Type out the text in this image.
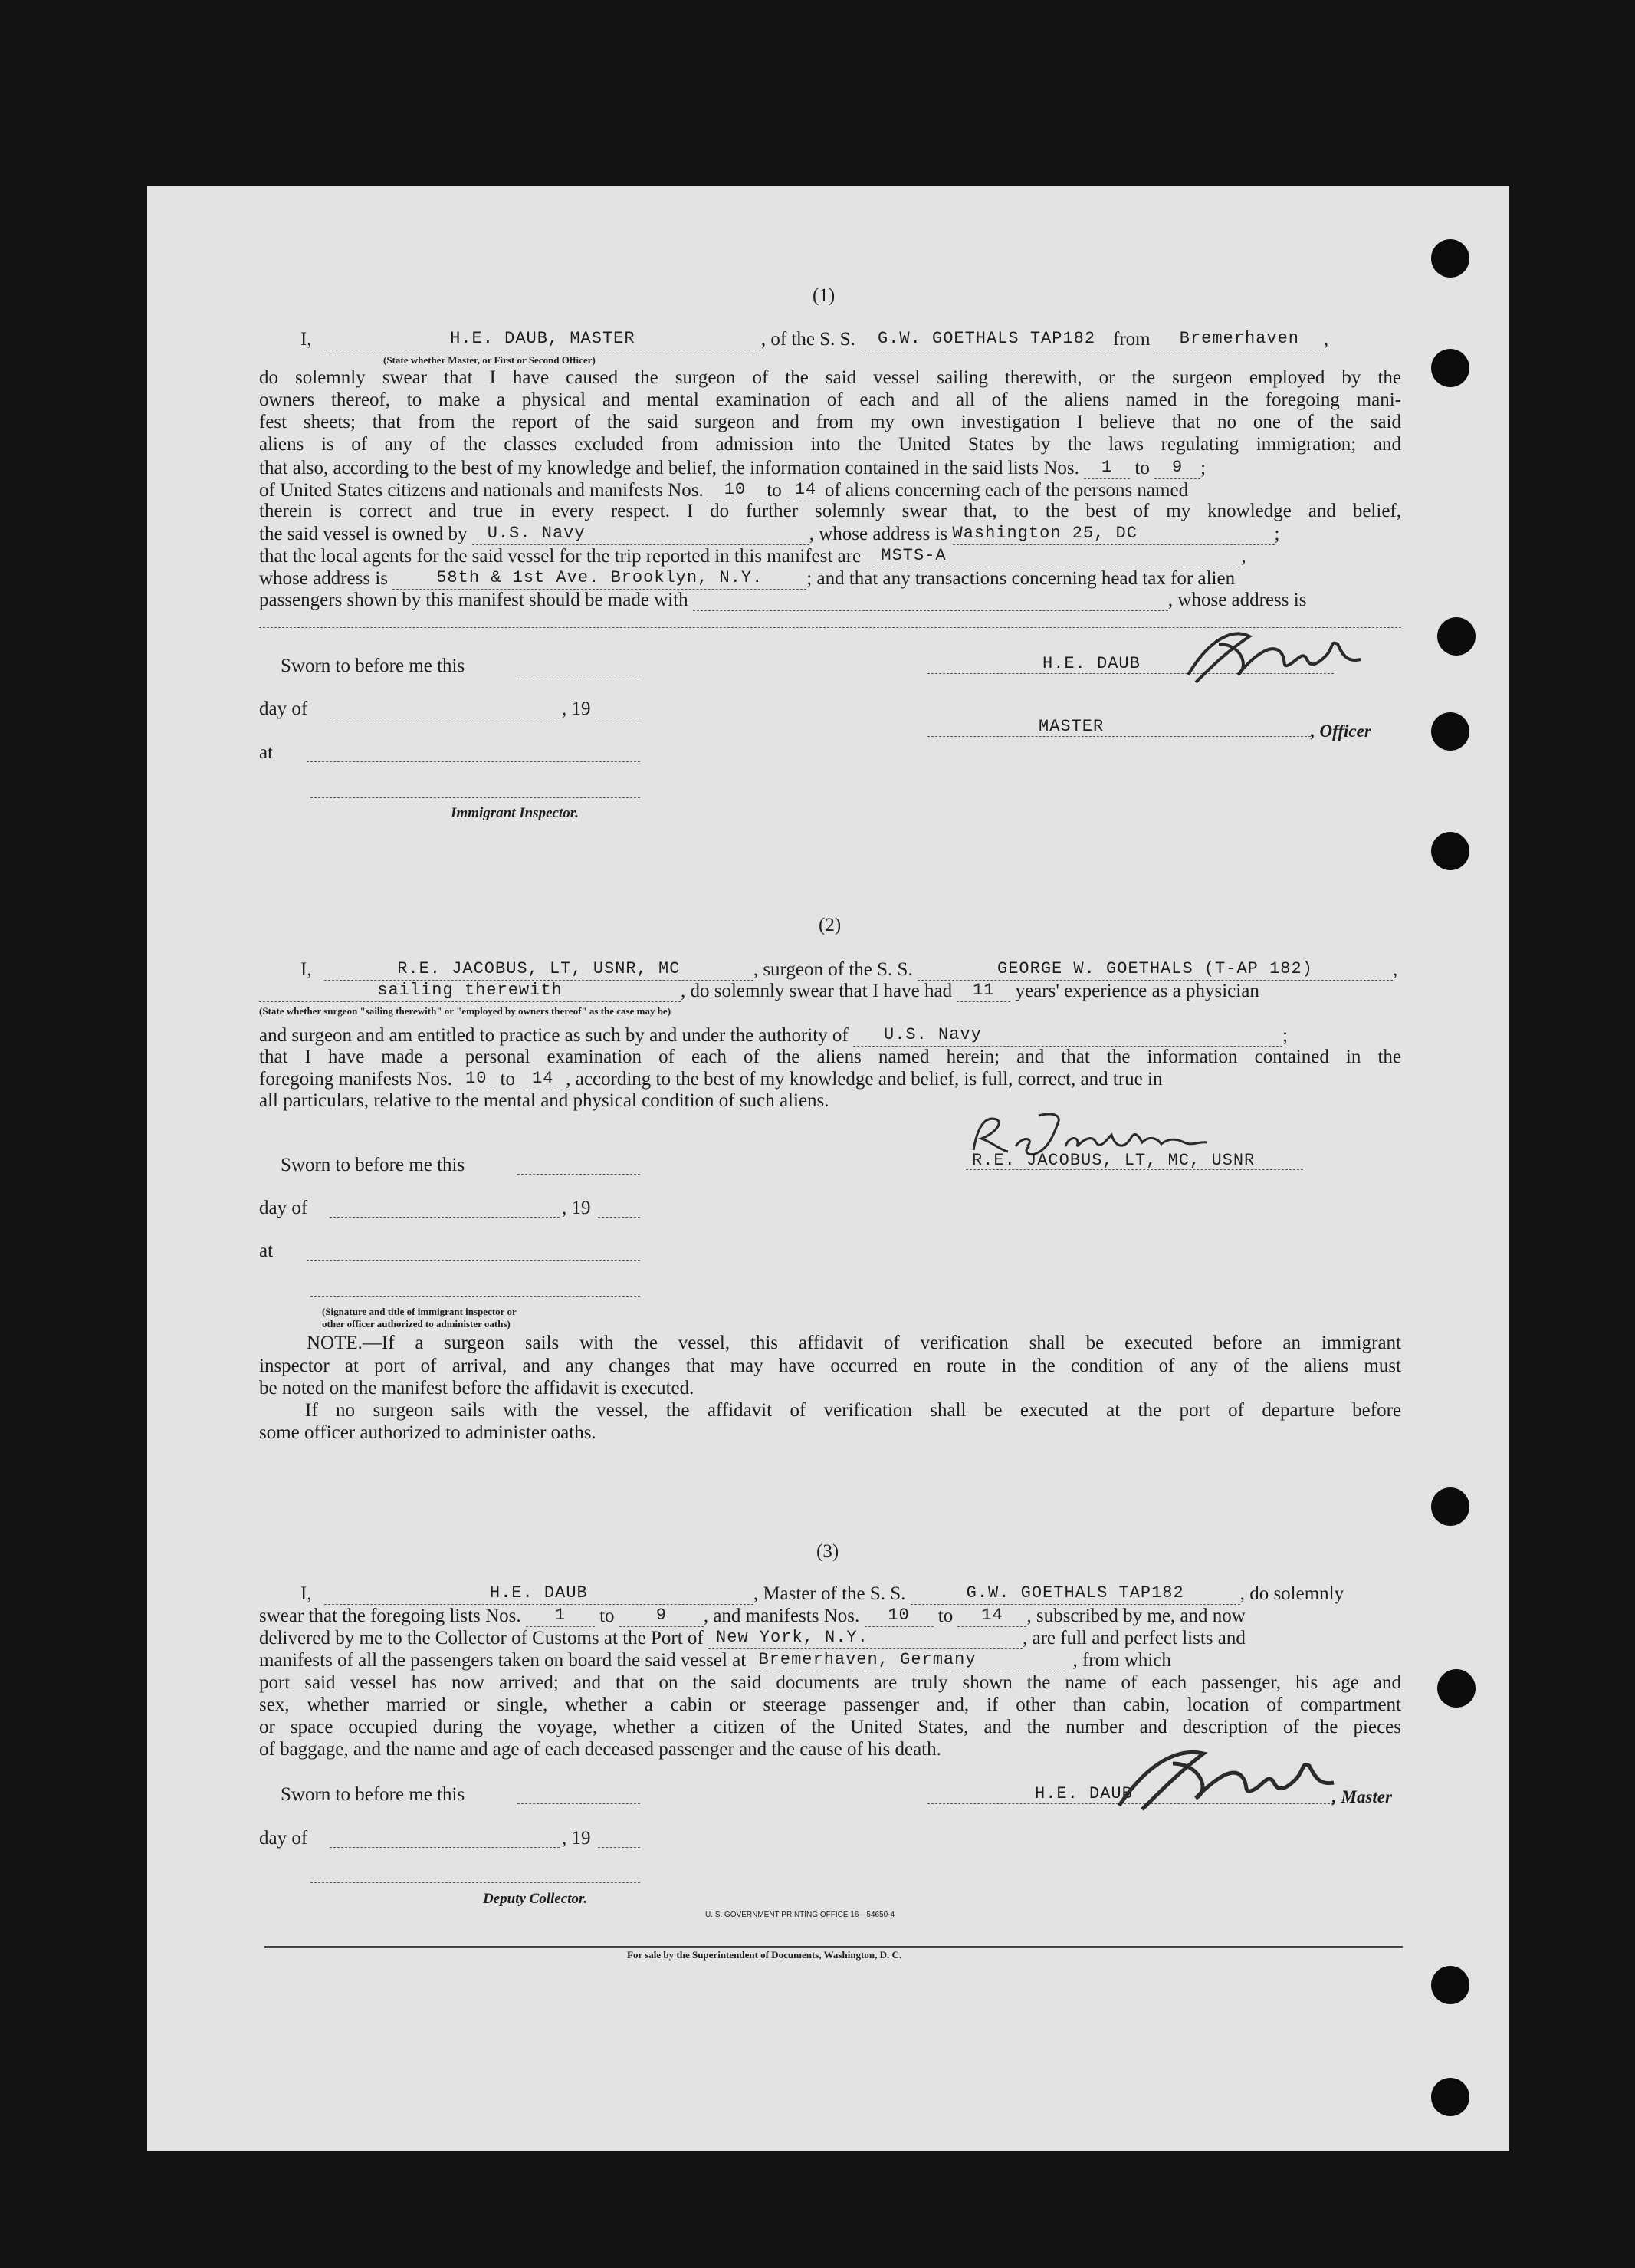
(1)
I,	H.E. DAUB, MASTER	, of the S. S. G.W. GOETHALS TAP182 from Bremerhaven ,
(State whether Master, or First or Second Officer)

do solemnly swear that I have caused the surgeon of the said vessel sailing therewith, or the surgeon employed by the

owners thereof, to make a physical and mental examination of each and all of the aliens named in the foregoing mani-

fest sheets; that from the report of the said surgeon and from my own investigation I believe that no one of the said

aliens is of any of the classes excluded from admission into the United States by the laws regulating immigration; and

that also, according to the best of my knowledge and belief, the information contained in the said lists Nos. 1 to 9 ;
of United States citizens and nationals and manifests Nos. 10 to 14 of aliens concerning each of the persons named

therein is correct and true in every respect. I do further solemnly swear that, to the best of my knowledge and belief,

the said vessel is owned by U.S. Navy	, whose address is Washington 25, DC	;
that the local agents for the said vessel for the trip reported in this manifest are MSTS-A	,
whose address is	58th & 1st Ave. Brooklyn, N.Y. ; and that any transactions concerning head tax for alien
passengers shown by this manifest should be made with	, whose address is
Sworn to before me this
day of	, 19
at
Immigrant Inspector.
H.E. DAUB
MASTER	, Officer
(2)
I,	R.E. JACOBUS, LT, USNR, MC	, surgeon of the S. S.	GEORGE W. GOETHALS (T-AP 182)	,
sailing therewith	, do solemnly swear that I have had 11 years' experience as a physician
(State whether surgeon "sailing therewith" or "employed by owners thereof" as the case may be)
and surgeon and am entitled to practice as such by and under the authority of U.S. Navy	;

that I have made a personal examination of each of the aliens named herein; and that the information contained in the

foregoing manifests Nos. 10 to 14 , according to the best of my knowledge and belief, is full, correct, and true in
all particulars, relative to the mental and physical condition of such aliens.
Sworn to before me this
day of	, 19
at
(Signature and title of immigrant inspector or
other officer authorized to administer oaths)
R.E. JACOBUS, LT, MC, USNR
NOTE.—If a surgeon sails with the vessel, this affidavit of verification shall be executed before an immigrant

inspector at port of arrival, and any changes that may have occurred en route in the condition of any of the aliens must

be noted on the manifest before the affidavit is executed.

If no surgeon sails with the vessel, the affidavit of verification shall be executed at the port of departure before
some officer authorized to administer oaths.
(3)
I,	H.E. DAUB	, Master of the S. S.	G.W. GOETHALS TAP182	, do solemnly
swear that the foregoing lists Nos. 1 to 9 , and manifests Nos. 10 to 14 , subscribed by me, and now
delivered by me to the Collector of Customs at the Port of New York, N.Y.	, are full and perfect lists and
manifests of all the passengers taken on board the said vessel at Bremerhaven, Germany	, from which

port said vessel has now arrived; and that on the said documents are truly shown the name of each passenger, his age and

sex, whether married or single, whether a cabin or steerage passenger and, if other than cabin, location of compartment

or space occupied during the voyage, whether a citizen of the United States, and the number and description of the pieces

of baggage, and the name and age of each deceased passenger and the cause of his death.

Sworn to before me this
day of	, 19
Deputy Collector.
H.E. DAUB	, Master
U. S. GOVERNMENT PRINTING OFFICE 16—54650-4
For sale by the Superintendent of Documents, Washington, D. C.
